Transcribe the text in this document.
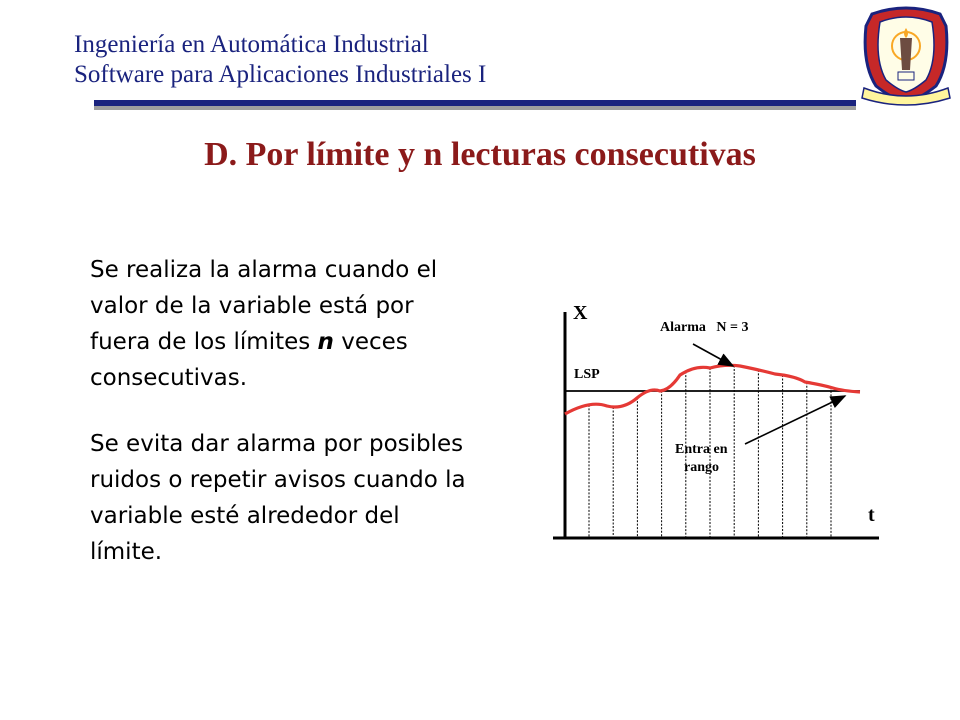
Ingeniería en Automática Industrial
Software para Aplicaciones Industriales I
D. Por límite y n lecturas consecutivas

Se realiza la alarma cuando el valor de la variable está por fuera de los límites n veces consecutivas.

Se evita dar alarma por posibles ruidos o repetir avisos cuando la variable esté alrededor del límite.

X
t
LSP
Alarma   N = 3
Entra en
rango
